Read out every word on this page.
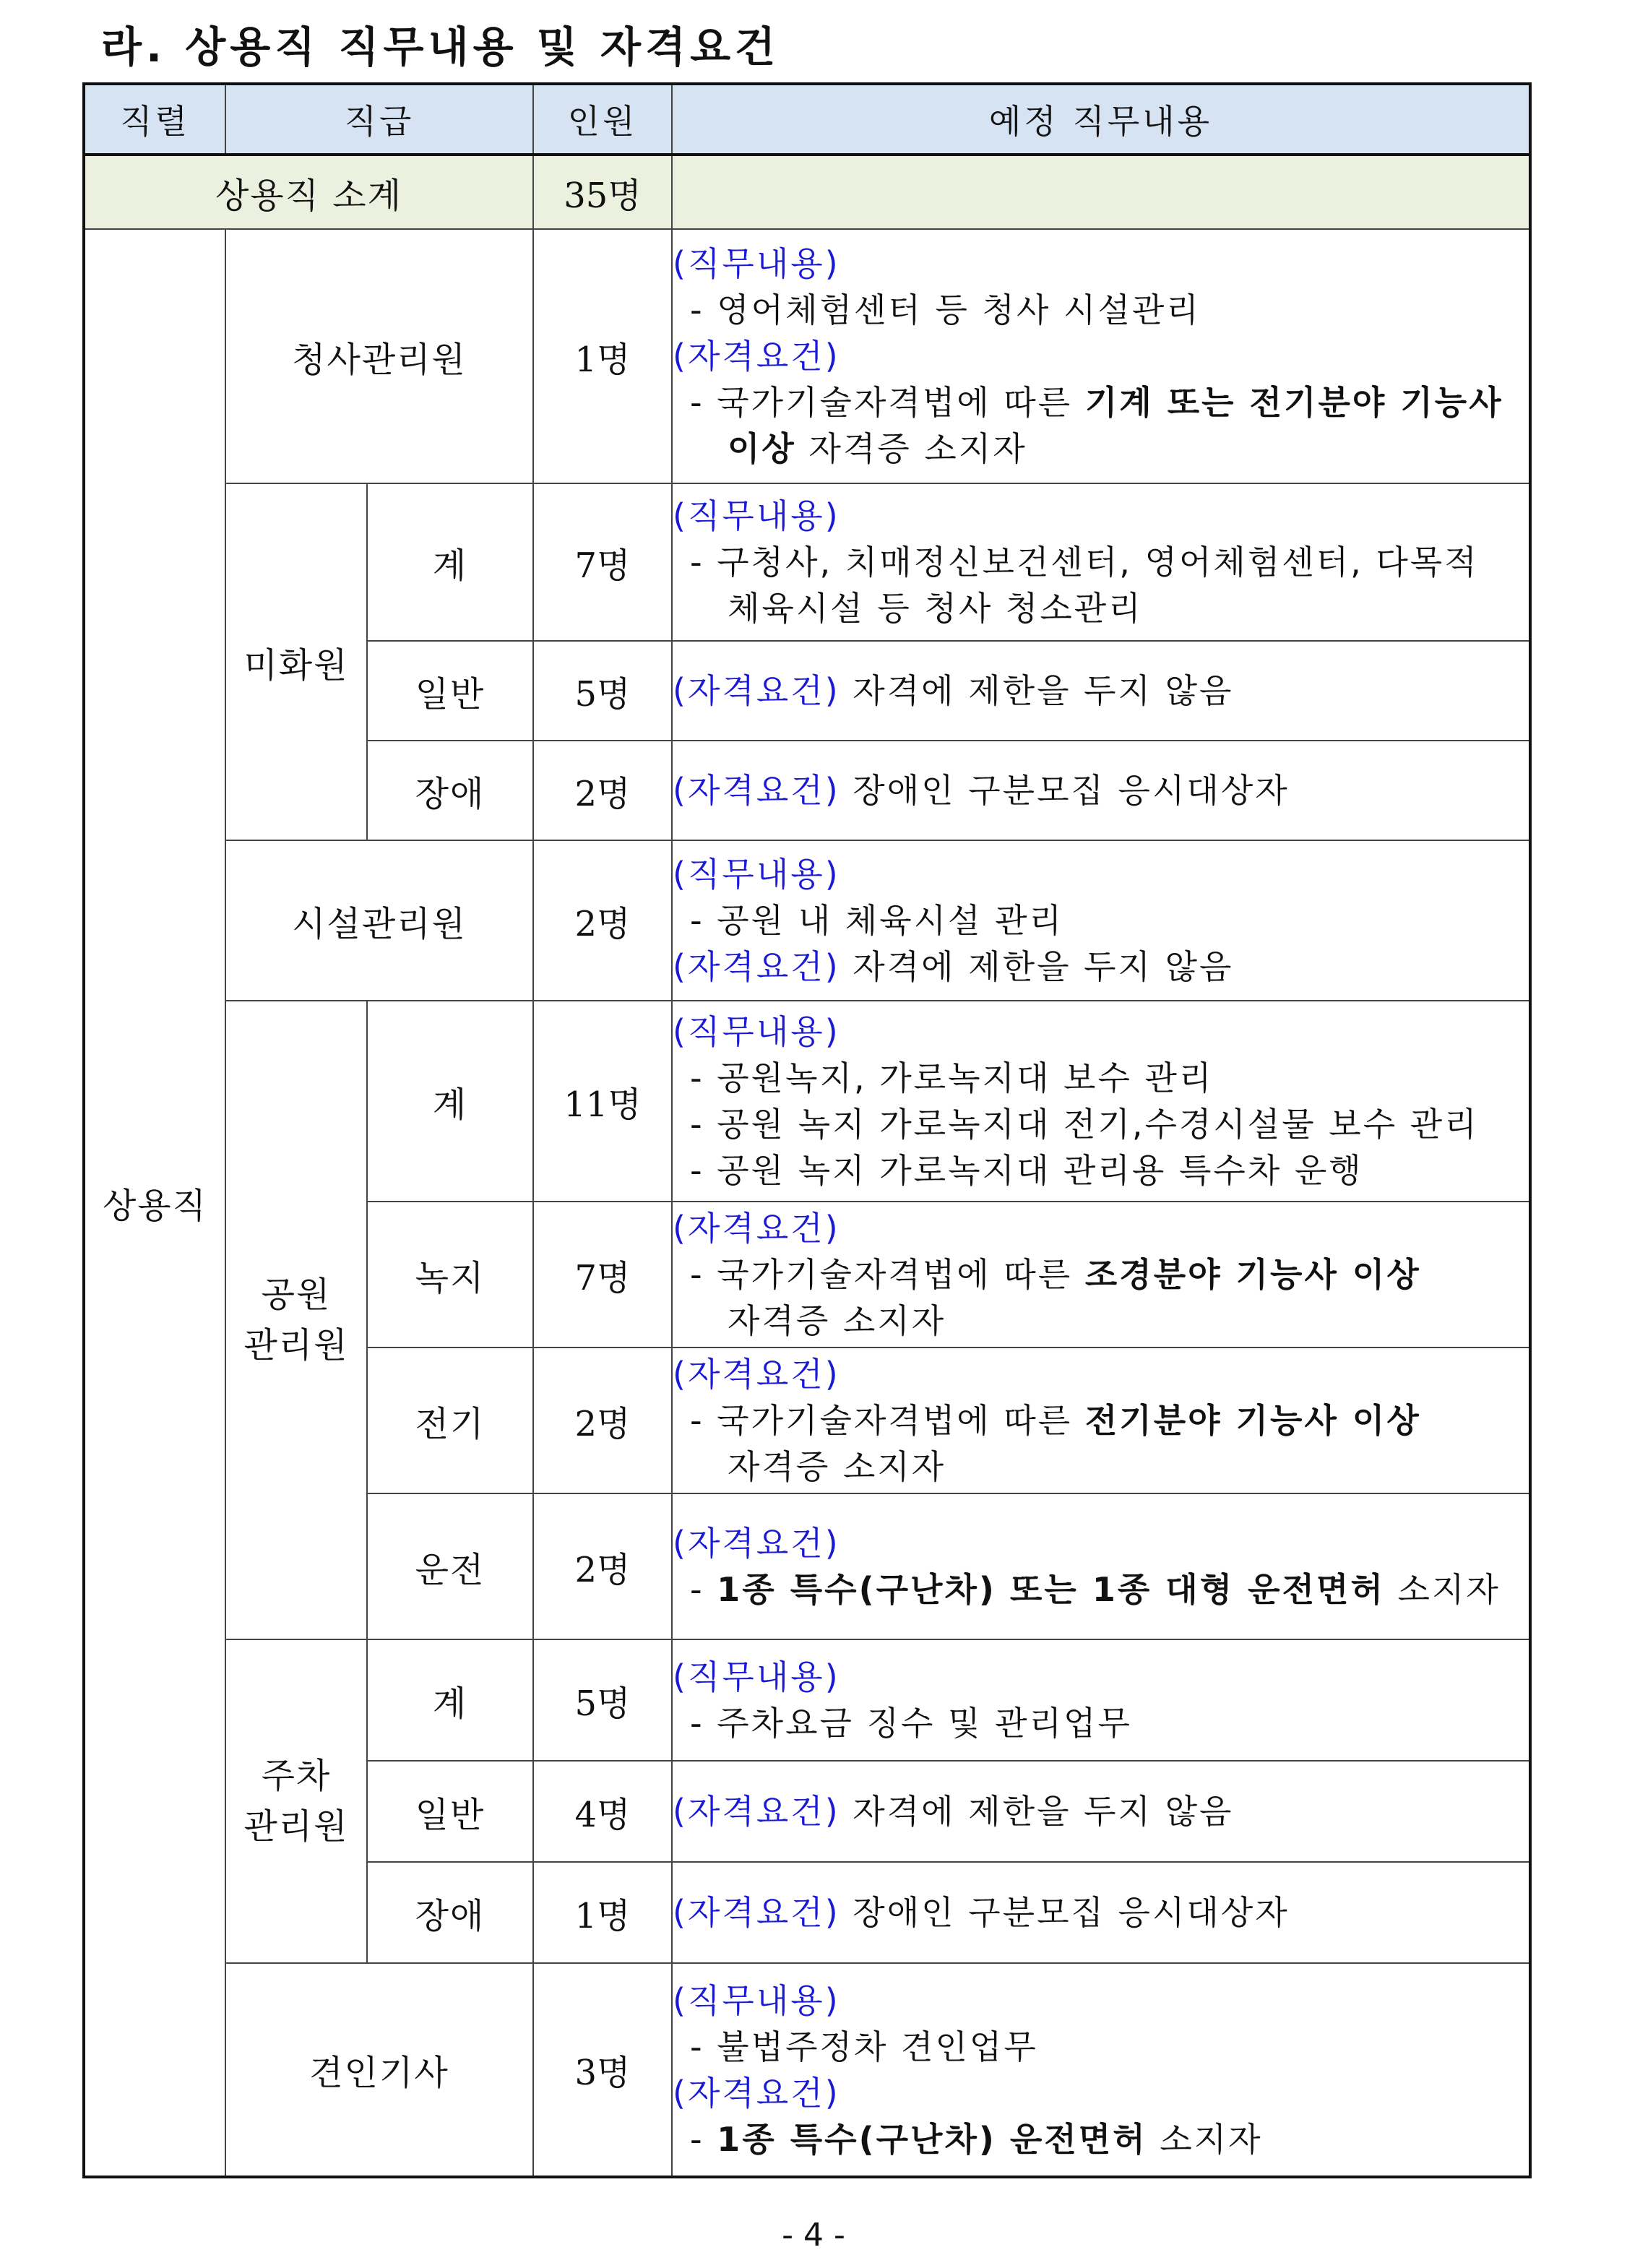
라. 상용직 직무내용 및 자격요건
직렬	직급		인원	예정 직무내용
상용직 소계			35명	
상용직	청사관리원		1명	(직무내용)
- 영어체험센터 등 청사 시설관리
(자격요건)
- 국가기술자격법에 따른 기계 또는 전기분야 기능사
이상 자격증 소지자

	미화원	계	7명	(직무내용)
- 구청사, 치매정신보건센터, 영어체험센터, 다목적
체육시설 등 청사 청소관리

		일반	5명	(자격요건) 자격에 제한을 두지 않음
		장애	2명	(자격요건) 장애인 구분모집 응시대상자
	시설관리원		2명	(직무내용)
- 공원 내 체육시설 관리
(자격요건) 자격에 제한을 두지 않음

	공원
관리원	계	11명	(직무내용)
- 공원녹지, 가로녹지대 보수 관리
- 공원 녹지 가로녹지대 전기,수경시설물 보수 관리
- 공원 녹지 가로녹지대 관리용 특수차 운행

		녹지	7명	(자격요건)
- 국가기술자격법에 따른 조경분야 기능사 이상
자격증 소지자

		전기	2명	(자격요건)
- 국가기술자격법에 따른 전기분야 기능사 이상
자격증 소지자

		운전	2명	(자격요건)
- 1종 특수(구난차) 또는 1종 대형 운전면허 소지자

	주차
관리원	계	5명	(직무내용)
- 주차요금 징수 및 관리업무

		일반	4명	(자격요건) 자격에 제한을 두지 않음
		장애	1명	(자격요건) 장애인 구분모집 응시대상자
	견인기사		3명	(직무내용)
- 불법주정차 견인업무
(자격요건)
- 1종 특수(구난차) 운전면허 소지자
- 4 -
